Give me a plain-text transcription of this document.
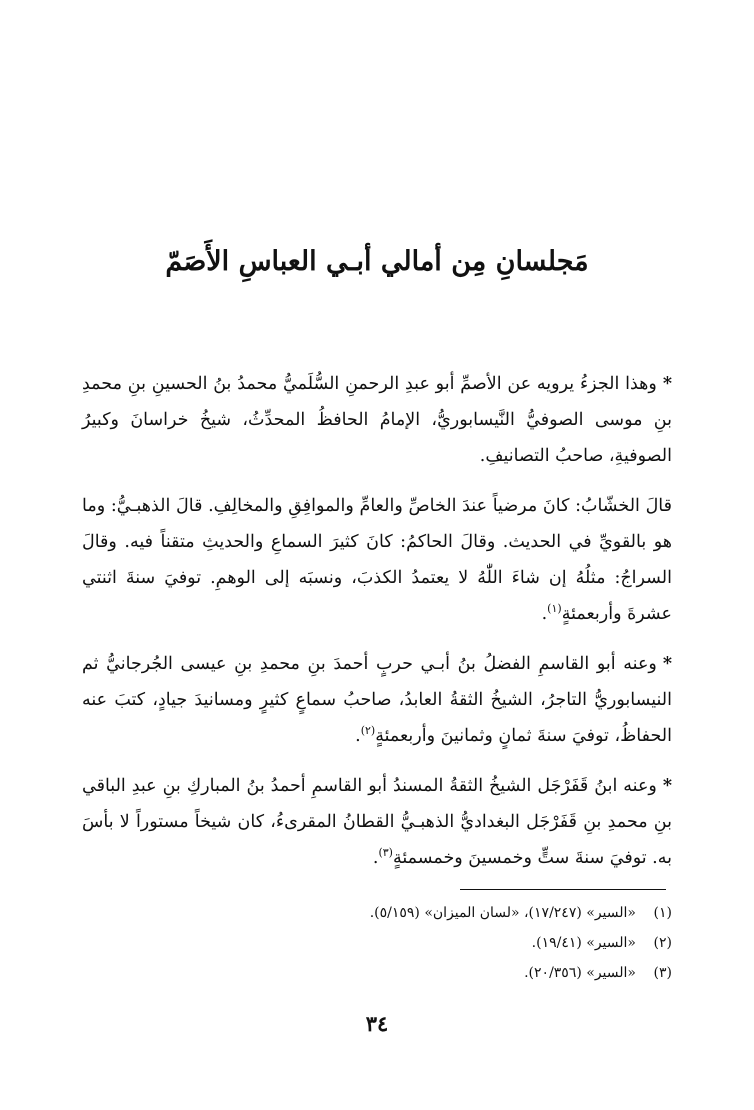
مَجلسانِ مِن أمالي أبـي العباسِ الأَصَمّ

*وهذا الجزءُ يرويه عن الأصمِّ أبو عبدِ الرحمنِ السُّلَميُّ محمدُ بنُ الحسينِ بنِ محمدِ بنِ موسى الصوفيُّ النَّيسابوريُّ، الإمامُ الحافظُ المحدِّثُ، شيخُ خراسانَ وكبيرُ الصوفيةِ، صاحبُ التصانيفِ.

قالَ الخشّابُ: كانَ مرضياً عندَ الخاصِّ والعامِّ والموافِقِ والمخالِفِ. قالَ الذهبـيُّ: وما هو بالقويِّ في الحديث. وقالَ الحاكمُ: كانَ كثيرَ السماعِ والحديثِ متقناً فيه. وقالَ السراجُ: مثلُهُ إن شاءَ اللّٰهُ لا يعتمدُ الكذبَ، ونسبَه إلى الوهمِ. توفيَ سنةَ اثنتي عشرةَ وأربعمئةٍ$^{(١)}$.

*وعنه أبو القاسمِ الفضلُ بنُ أبـي حربٍ أحمدَ بنِ محمدِ بنِ عيسى الجُرجانيُّ ثم النيسابوريُّ التاجرُ، الشيخُ الثقةُ العابدُ، صاحبُ سماعٍ كثيرٍ ومسانيدَ جيادٍ، كتبَ عنه الحفاظُ، توفيَ سنةَ ثمانٍ وثمانينَ وأربعمئةٍ$^{(٢)}$.

*وعنه ابنُ قَفَرْجَل الشيخُ الثقةُ المسندُ أبو القاسمِ أحمدُ بنُ المباركِ بنِ عبدِ الباقي بنِ محمدِ بنِ قَفَرْجَل البغداديُّ الذهبـيُّ القطانُ المقرىءُ، كان شيخاً مستوراً لا بأسَ به. توفيَ سنةَ ستٍّ وخمسينَ وخمسمئةٍ$^{(٣)}$.

(١)«السير» (١٧/٢٤٧)، «لسان الميزان» (٥/١٥٩).

(٢)«السير» (١٩/٤١).

(٣)«السير» (٢٠/٣٥٦).

٣٤
